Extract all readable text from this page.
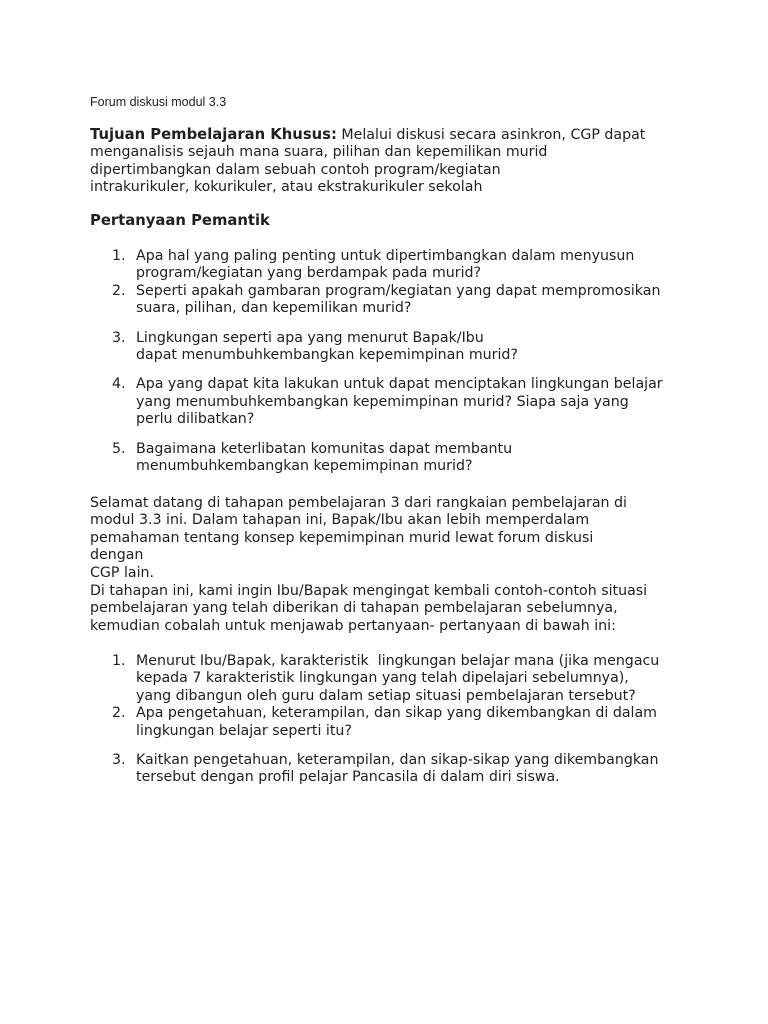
Forum diskusi modul 3.3

Tujuan Pembelajaran Khusus: Melalui diskusi secara asinkron, CGP dapat
menganalisis sejauh mana suara, pilihan dan kepemilikan murid
dipertimbangkan dalam sebuah contoh program/kegiatan
intrakurikuler, kokurikuler, atau ekstrakurikuler sekolah

Pertanyaan Pemantik
1. Apa hal yang paling penting untuk dipertimbangkan dalam menyusun
program/kegiatan yang berdampak pada murid?
2. Seperti apakah gambaran program/kegiatan yang dapat mempromosikan
suara, pilihan, dan kepemilikan murid?
3. Lingkungan seperti apa yang menurut Bapak/Ibu
dapat menumbuhkembangkan kepemimpinan murid?
4. Apa yang dapat kita lakukan untuk dapat menciptakan lingkungan belajar
yang menumbuhkembangkan kepemimpinan murid? Siapa saja yang
perlu dilibatkan?
5. Bagaimana keterlibatan komunitas dapat membantu
menumbuhkembangkan kepemimpinan murid?

Selamat datang di tahapan pembelajaran 3 dari rangkaian pembelajaran di
modul 3.3 ini. Dalam tahapan ini, Bapak/Ibu akan lebih memperdalam
pemahaman tentang konsep kepemimpinan murid lewat forum diskusi dengan
CGP lain.

Di tahapan ini, kami ingin Ibu/Bapak mengingat kembali contoh-contoh situasi
pembelajaran yang telah diberikan di tahapan pembelajaran sebelumnya,
kemudian cobalah untuk menjawab pertanyaan- pertanyaan di bawah ini:

1. Menurut Ibu/Bapak, karakteristik  lingkungan belajar mana (jika mengacu
kepada 7 karakteristik lingkungan yang telah dipelajari sebelumnya),
yang dibangun oleh guru dalam setiap situasi pembelajaran tersebut?
2. Apa pengetahuan, keterampilan, dan sikap yang dikembangkan di dalam
lingkungan belajar seperti itu?
3. Kaitkan pengetahuan, keterampilan, dan sikap-sikap yang dikembangkan
tersebut dengan profil pelajar Pancasila di dalam diri siswa.
